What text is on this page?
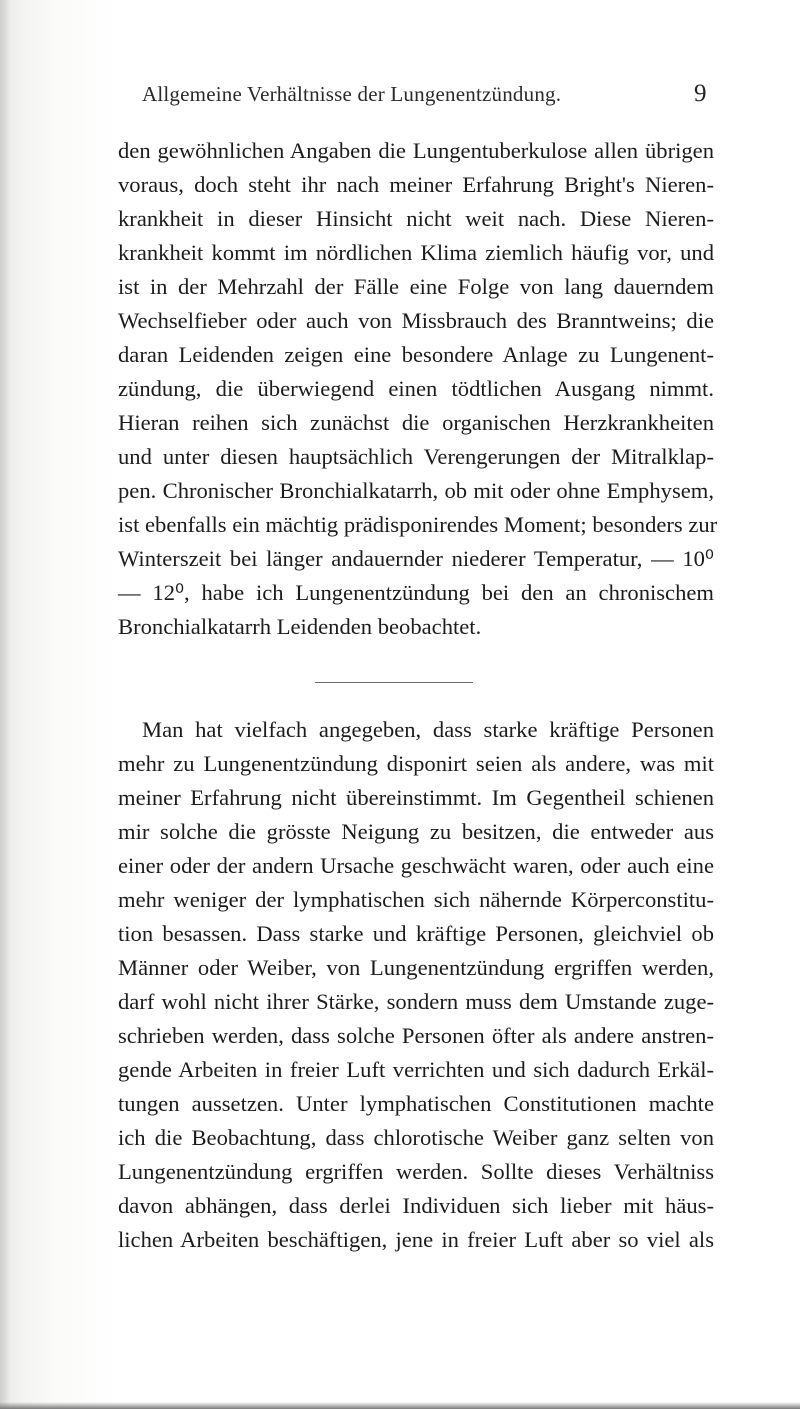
Allgemeine Verhältnisse der Lungenentzündung.	9
den gewöhnlichen Angaben die Lungentuberkulose allen übrigen
voraus, doch steht ihr nach meiner Erfahrung Bright's Nieren-
krankheit in dieser Hinsicht nicht weit nach. Diese Nieren-
krankheit kommt im nördlichen Klima ziemlich häufig vor, und
ist in der Mehrzahl der Fälle eine Folge von lang dauerndem
Wechselfieber oder auch von Missbrauch des Branntweins; die
daran Leidenden zeigen eine besondere Anlage zu Lungenent-
zündung, die überwiegend einen tödtlichen Ausgang nimmt.
Hieran reihen sich zunächst die organischen Herzkrankheiten
und unter diesen hauptsächlich Verengerungen der Mitralklap-
pen. Chronischer Bronchialkatarrh, ob mit oder ohne Emphysem,
ist ebenfalls ein mächtig prädisponirendes Moment; besonders zur
Winterszeit bei länger andauernder niederer Temperatur, — 10⁰
— 12⁰, habe ich Lungenentzündung bei den an chronischem
Bronchialkatarrh Leidenden beobachtet.
Man hat vielfach angegeben, dass starke kräftige Personen
mehr zu Lungenentzündung disponirt seien als andere, was mit
meiner Erfahrung nicht übereinstimmt. Im Gegentheil schienen
mir solche die grösste Neigung zu besitzen, die entweder aus
einer oder der andern Ursache geschwächt waren, oder auch eine
mehr weniger der lymphatischen sich nähernde Körperconstitu-
tion besassen. Dass starke und kräftige Personen, gleichviel ob
Männer oder Weiber, von Lungenentzündung ergriffen werden,
darf wohl nicht ihrer Stärke, sondern muss dem Umstande zuge-
schrieben werden, dass solche Personen öfter als andere anstren-
gende Arbeiten in freier Luft verrichten und sich dadurch Erkäl-
tungen aussetzen. Unter lymphatischen Constitutionen machte
ich die Beobachtung, dass chlorotische Weiber ganz selten von
Lungenentzündung ergriffen werden. Sollte dieses Verhältniss
davon abhängen, dass derlei Individuen sich lieber mit häus-
lichen Arbeiten beschäftigen, jene in freier Luft aber so viel als
